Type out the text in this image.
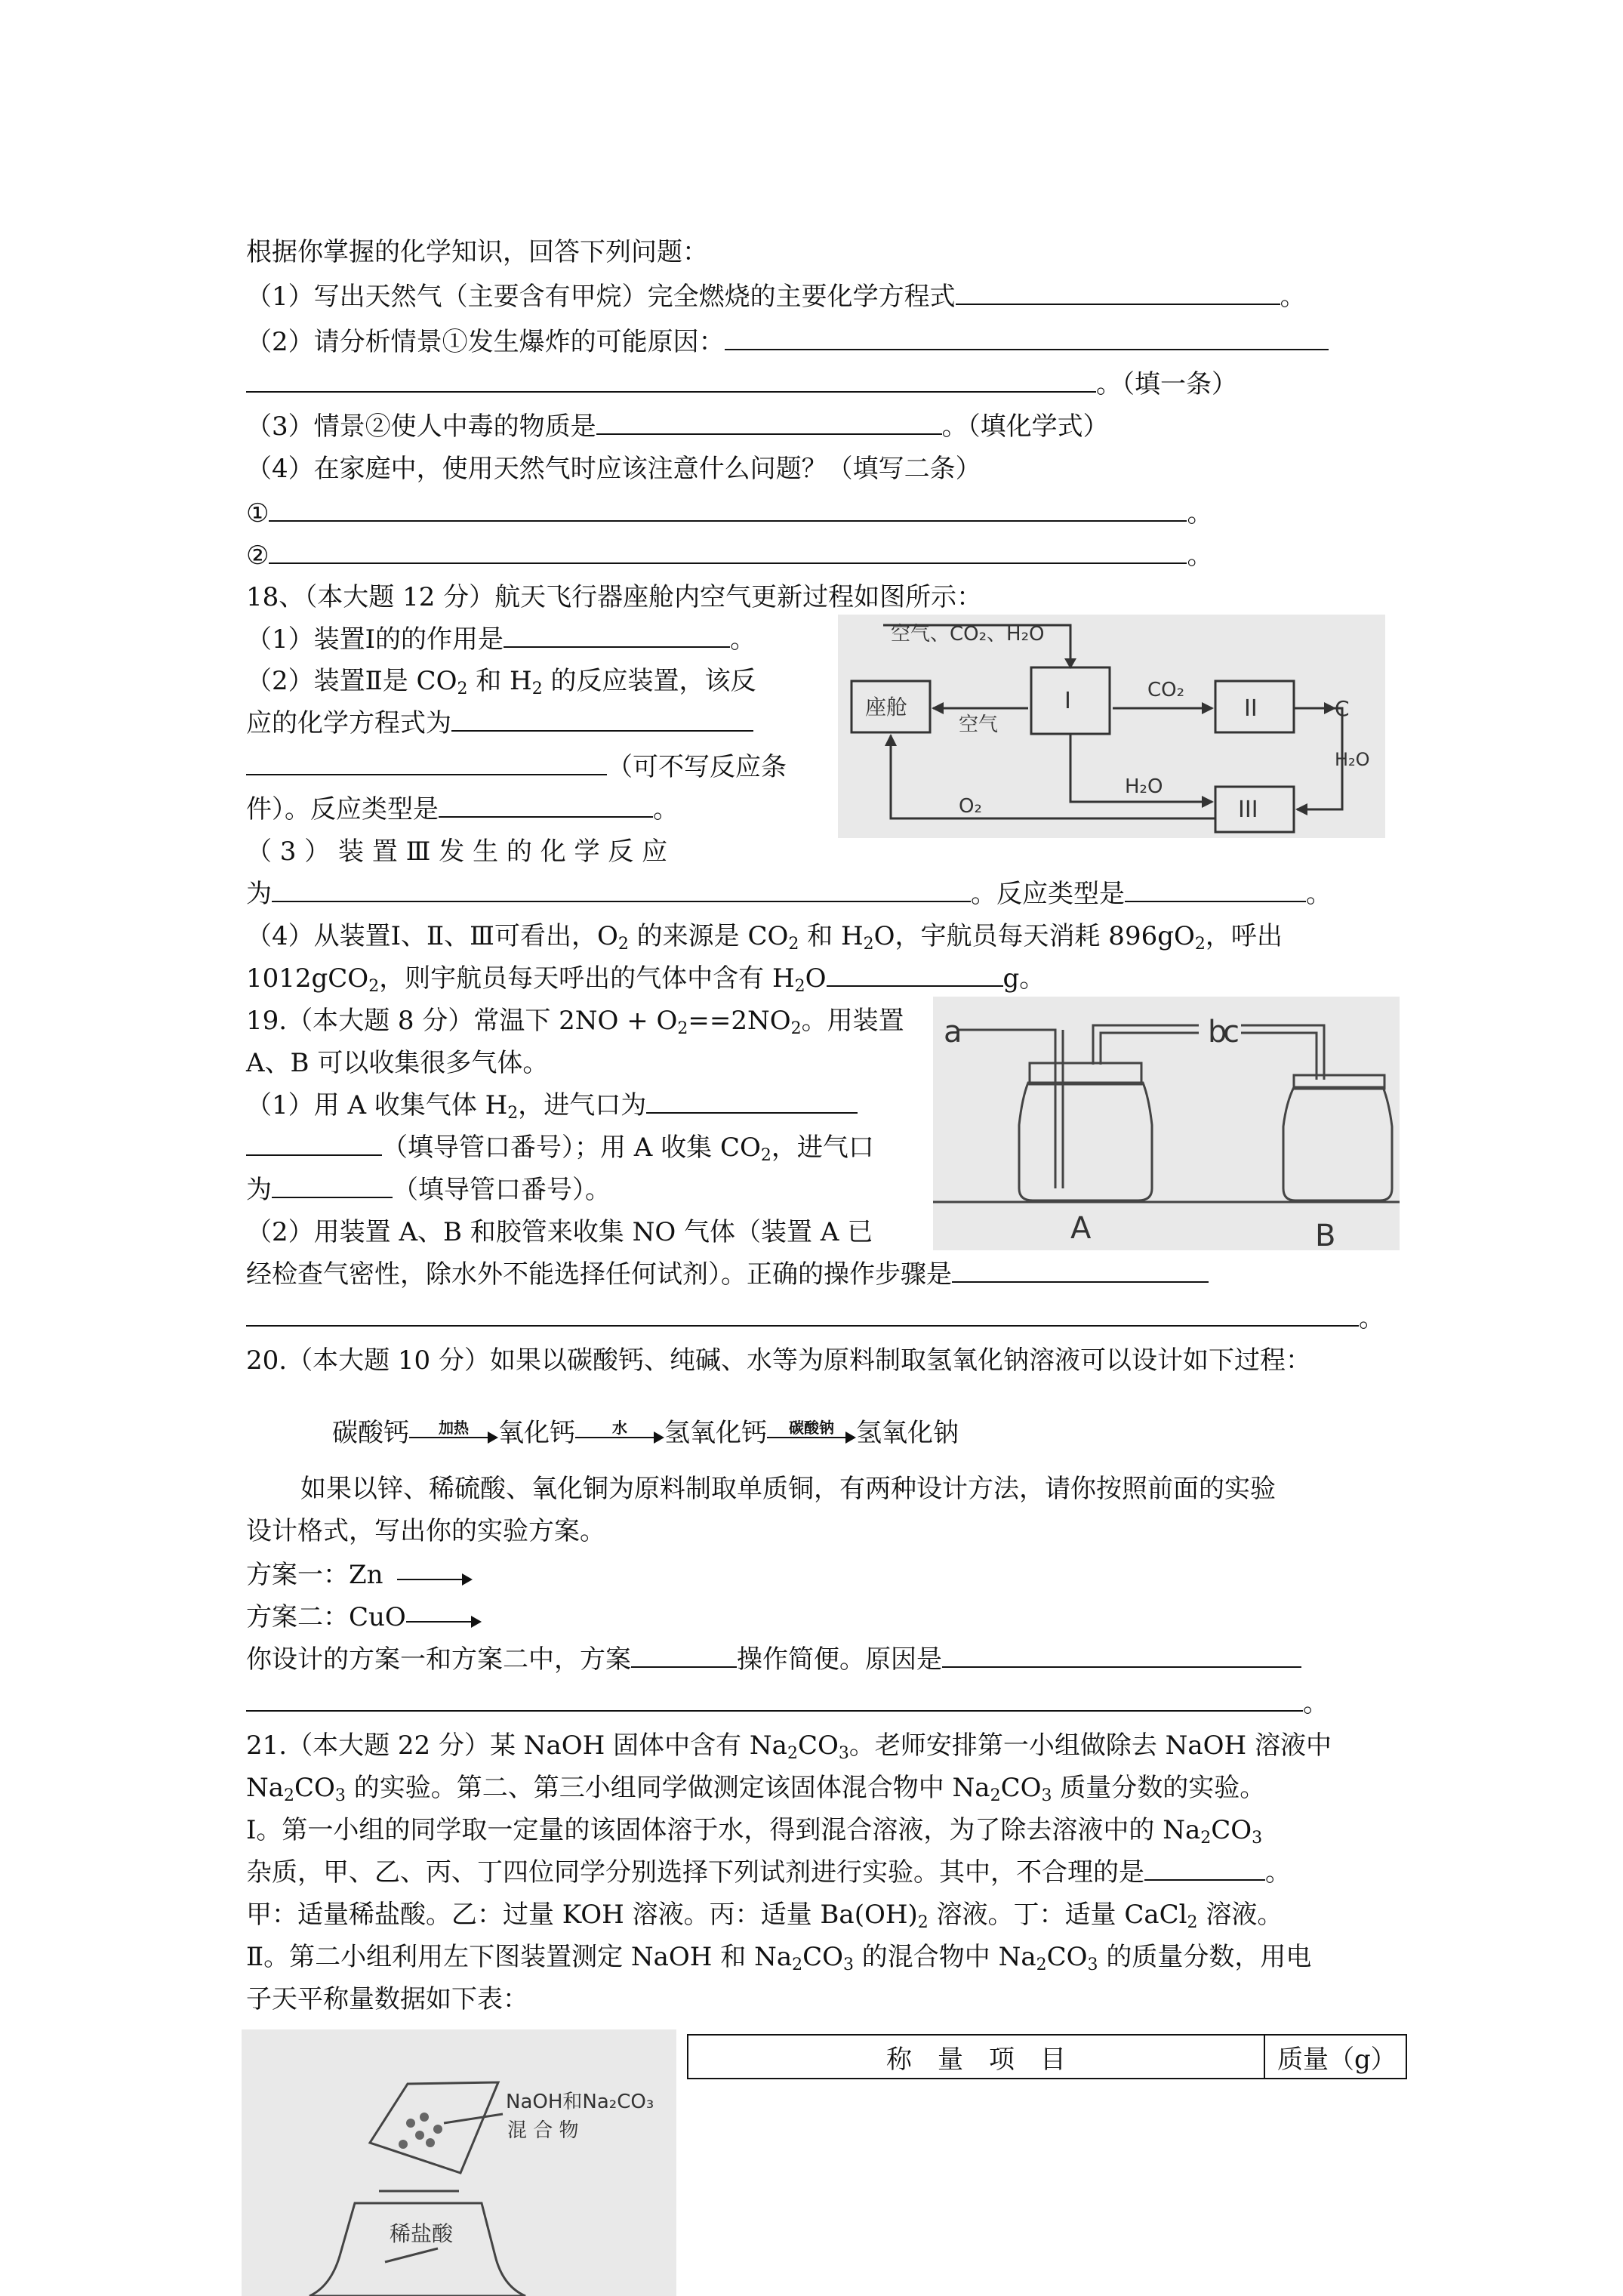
根据你掌握的化学知识，回答下列问题：
（1）写出天然气（主要含有甲烷）完全燃烧的主要化学方程式	。
（2）请分析情景①发生爆炸的可能原因：
。（填一条）
（3）情景②使人中毒的物质是	。（填化学式）
（4）在家庭中，使用天然气时应该注意什么问题？（填写二条）
①	。
②	。
18、（本大题 12 分）航天飞行器座舱内空气更新过程如图所示：
（1）装置Ⅰ的的作用是	。
（2）装置Ⅱ是 $CO_2$ 和 $H_2$ 的反应装置，该反
应的化学方程式为
（可不写反应条
件）。反应类型是	。
（ 3 ） 装 置 Ⅲ 发 生 的 化 学 反 应
为	。反应类型是	。
（4）从装置Ⅰ、Ⅱ、Ⅲ可看出，$O_2$ 的来源是 $CO_2$ 和 $H_2O$，宇航员每天消耗 $896gO_2$，呼出
1012gCO$_2$，则宇航员每天呼出的气体中含有 $H_2O$	g。
空气、CO₂、H₂O
座舱	I	II
III
空气
CO₂
H₂O
H₂O
O₂
C
19.（本大题 8 分）常温下 $2NO + O_2==2NO_2$。用装置
A、B 可以收集很多气体。
（1）用 A 收集气体 $H_2$，进气口为
（填导管口番号）；用 A 收集 $CO_2$，进气口
为	（填导管口番号）。
（2）用装置 A、B 和胶管来收集 NO 气体（装置 A 已
经检查气密性，除水外不能选择任何试剂）。正确的操作步骤是
。
a	b
c
A	B
20.（本大题 10 分）如果以碳酸钙、纯碱、水等为原料制取氢氧化钠溶液可以设计如下过程：
碳酸钙	加热	氧化钙	水	氢氧化钙	碳酸钠 氢氧化钠
如果以锌、稀硫酸、氧化铜为原料制取单质铜，有两种设计方法，请你按照前面的实验
设计格式，写出你的实验方案。
方案一：Zn
方案二：CuO
你设计的方案一和方案二中，方案	操作简便。原因是
。
21.（本大题 22 分）某 NaOH 固体中含有 $Na_2CO_3$。老师安排第一小组做除去 NaOH 溶液中
$Na_2CO_3$ 的实验。第二、第三小组同学做测定该固体混合物中 $Na_2CO_3$ 质量分数的实验。
Ⅰ。第一小组的同学取一定量的该固体溶于水，得到混合溶液，为了除去溶液中的 $Na_2CO_3$
杂质，甲、乙、丙、丁四位同学分别选择下列试剂进行实验。其中，不合理的是	。
甲：适量稀盐酸。乙：过量 KOH 溶液。丙：适量 $Ba(OH)_2$ 溶液。丁：适量 CaCl$_2$ 溶液。
Ⅱ。第二小组利用左下图装置测定 NaOH 和 $Na_2CO_3$ 的混合物中 $Na_2CO_3$ 的质量分数，用电
子天平称量数据如下表：
称　量　项　目	质量（g）
NaOH和Na₂CO₃
混 合 物
稀盐酸
